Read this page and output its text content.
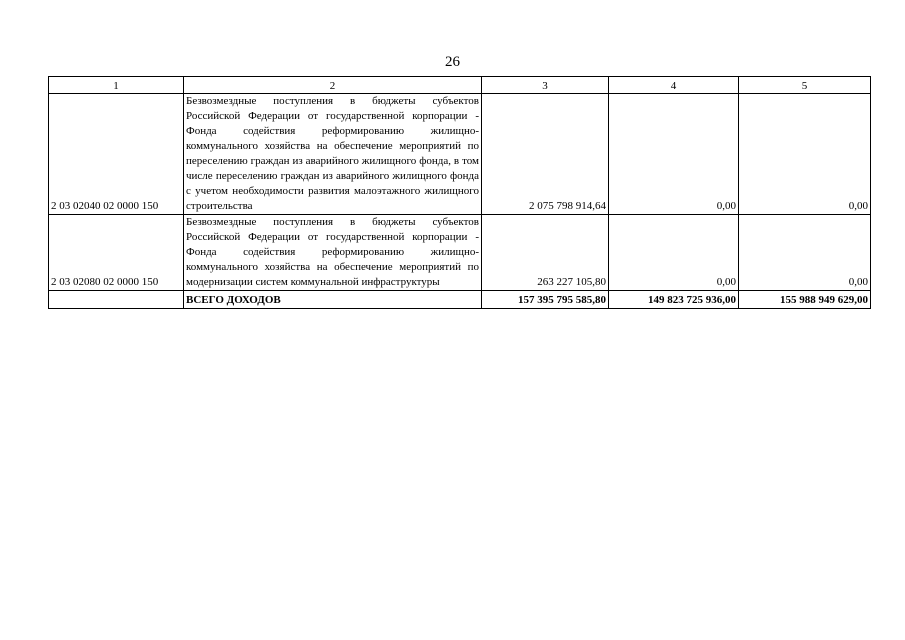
26
1	2	3	4	5
2 03 02040 02 0000 150	Безвозмездные поступления в бюджеты субъектов Российской Федерации от государственной корпорации - Фонда содействия реформированию жилищно-коммунального хозяйства на обеспечение мероприятий по переселению граждан из аварийного жилищного фонда, в том числе переселению граждан из аварийного жилищного фонда с учетом необходимости развития малоэтажного жилищного строительства	2 075 798 914,64	0,00	0,00
2 03 02080 02 0000 150	Безвозмездные поступления в бюджеты субъектов Российской Федерации от государственной корпорации - Фонда содействия реформированию жилищно-коммунального хозяйства на обеспечение мероприятий по модернизации систем коммунальной инфраструктуры	263 227 105,80	0,00	0,00
	ВСЕГО ДОХОДОВ	157 395 795 585,80	149 823 725 936,00	155 988 949 629,00
